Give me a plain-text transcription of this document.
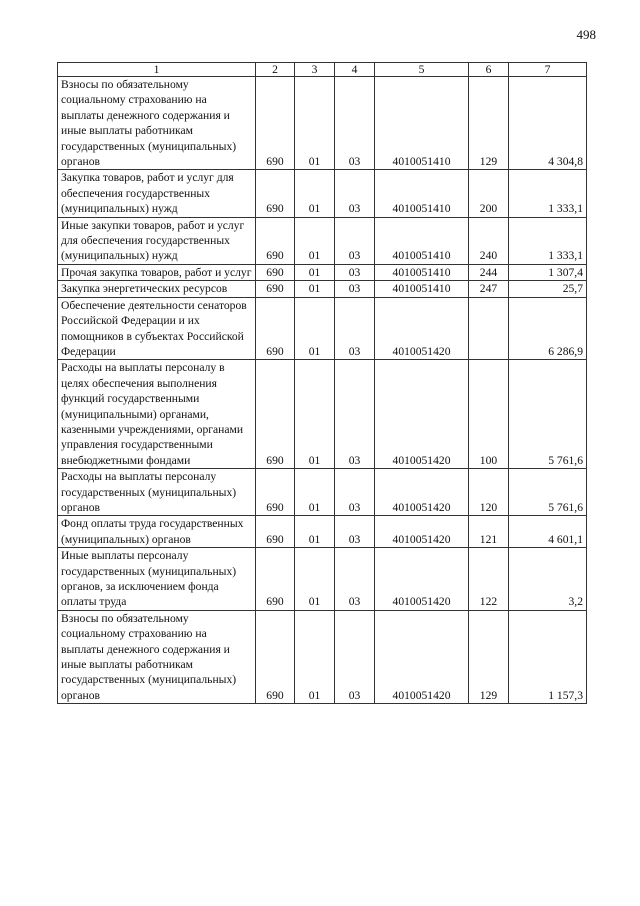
498
1	2	3	4	5	6	7
Взносы по обязательному социальному страхованию на выплаты денежного содержания и иные выплаты работникам государственных (муниципальных) органов	690	01	03	4010051410	129	4 304,8
Закупка товаров, работ и услуг для обеспечения государственных (муниципальных) нужд	690	01	03	4010051410	200	1 333,1
Иные закупки товаров, работ и услуг для обеспечения государственных (муниципальных) нужд	690	01	03	4010051410	240	1 333,1
Прочая закупка товаров, работ и услуг	690	01	03	4010051410	244	1 307,4
Закупка энергетических ресурсов	690	01	03	4010051410	247	25,7
Обеспечение деятельности сенаторов Российской Федерации и их помощников в субъектах Российской Федерации	690	01	03	4010051420		6 286,9
Расходы на выплаты персоналу в целях обеспечения выполнения функций государственными (муниципальными) органами, казенными учреждениями, органами управления государственными внебюджетными фондами	690	01	03	4010051420	100	5 761,6
Расходы на выплаты персоналу государственных (муниципальных) органов	690	01	03	4010051420	120	5 761,6
Фонд оплаты труда государственных (муниципальных) органов	690	01	03	4010051420	121	4 601,1
Иные выплаты персоналу государственных (муниципальных) органов, за исключением фонда оплаты труда	690	01	03	4010051420	122	3,2
Взносы по обязательному социальному страхованию на выплаты денежного содержания и иные выплаты работникам государственных (муниципальных) органов	690	01	03	4010051420	129	1 157,3
